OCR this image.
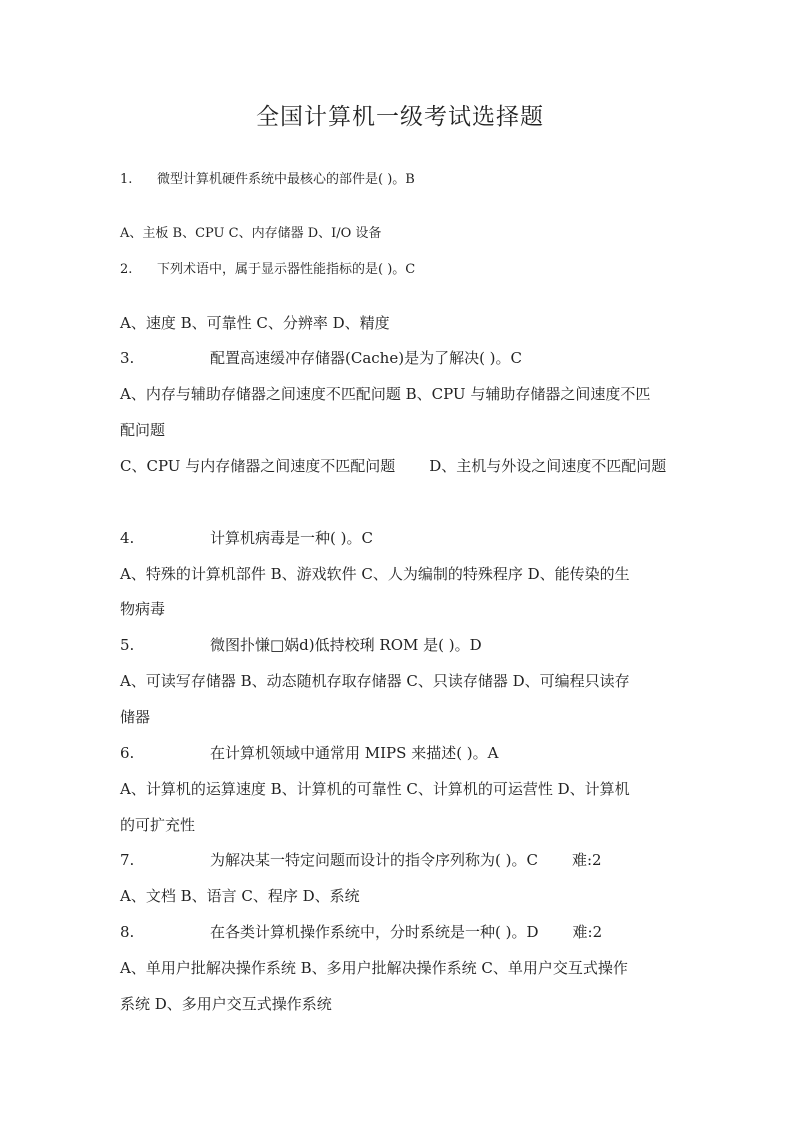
全国计算机一级考试选择题
1. 微型计算机硬件系统中最核心的部件是( )。B
A、主板 B、CPU C、内存储器 D、I/O 设备
2. 下列术语中，属于显示器性能指标的是( )。C
A、速度 B、可靠性 C、分辨率 D、精度
3.	配置高速缓冲存储器(Cache)是为了解决( )。C
A、内存与辅助存储器之间速度不匹配问题 B、CPU 与辅助存储器之间速度不匹
配问题
C、CPU 与内存储器之间速度不匹配问题 D、主机与外设之间速度不匹配问题
4.	计算机病毒是一种( )。C
A、特殊的计算机部件 B、游戏软件 C、人为编制的特殊程序 D、能传染的生
物病毒
5.	微图扑慊□娲d)低持校琍 ROM 是( )。D
A、可读写存储器 B、动态随机存取存储器 C、只读存储器 D、可编程只读存
储器
6.	在计算机领域中通常用 MIPS 来描述( )。A
A、计算机的运算速度 B、计算机的可靠性 C、计算机的可运营性 D、计算机
的可扩充性
7.	为解决某一特定问题而设计的指令序列称为( )。C 难:2
A、文档 B、语言 C、程序 D、系统
8.	在各类计算机操作系统中，分时系统是一种( )。D 难:2
A、单用户批解决操作系统 B、多用户批解决操作系统 C、单用户交互式操作
系统 D、多用户交互式操作系统
